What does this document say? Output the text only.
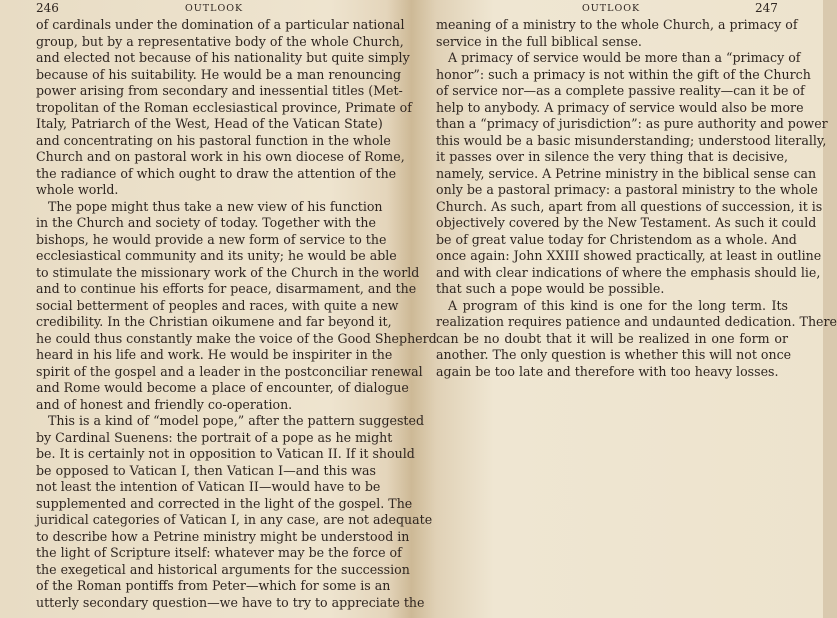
246	OUTLOOK
of cardinals under the domination of a particular national
group, but by a representative body of the whole Church,
and elected not because of his nationality but quite simply
because of his suitability. He would be a man renouncing
power arising from secondary and inessential titles (Met-
tropolitan of the Roman ecclesiastical province, Primate of
Italy, Patriarch of the West, Head of the Vatican State)
and concentrating on his pastoral function in the whole
Church and on pastoral work in his own diocese of Rome,
the radiance of which ought to draw the attention of the
whole world.
The pope might thus take a new view of his function
in the Church and society of today. Together with the
bishops, he would provide a new form of service to the
ecclesiastical community and its unity; he would be able
to stimulate the missionary work of the Church in the world
and to continue his efforts for peace, disarmament, and the
social betterment of peoples and races, with quite a new
credibility. In the Christian oikumene and far beyond it,
he could thus constantly make the voice of the Good Shepherd
heard in his life and work. He would be inspiriter in the
spirit of the gospel and a leader in the postconciliar renewal
and Rome would become a place of encounter, of dialogue
and of honest and friendly co-operation.
This is a kind of “model pope,” after the pattern suggested
by Cardinal Suenens: the portrait of a pope as he might
be. It is certainly not in opposition to Vatican II. If it should
be opposed to Vatican I, then Vatican I—and this was
not least the intention of Vatican II—would have to be
supplemented and corrected in the light of the gospel. The
juridical categories of Vatican I, in any case, are not adequate
to describe how a Petrine ministry might be understood in
the light of Scripture itself: whatever may be the force of
the exegetical and historical arguments for the succession
of the Roman pontiffs from Peter—which for some is an
utterly secondary question—we have to try to appreciate the
OUTLOOK	247
meaning of a ministry to the whole Church, a primacy of
service in the full biblical sense.
A primacy of service would be more than a “primacy of
honor”: such a primacy is not within the gift of the Church
of service nor—as a complete passive reality—can it be of
help to anybody. A primacy of service would also be more
than a “primacy of jurisdiction”: as pure authority and power
this would be a basic misunderstanding; understood literally,
it passes over in silence the very thing that is decisive,
namely, service. A Petrine ministry in the biblical sense can
only be a pastoral primacy: a pastoral ministry to the whole
Church. As such, apart from all questions of succession, it is
objectively covered by the New Testament. As such it could
be of great value today for Christendom as a whole. And
once again: John XXIII showed practically, at least in outline
and with clear indications of where the emphasis should lie,
that such a pope would be possible.
A program of this kind is one for the long term. Its
realization requires patience and undaunted dedication. There
can be no doubt that it will be realized in one form or
another. The only question is whether this will not once
again be too late and therefore with too heavy losses.
